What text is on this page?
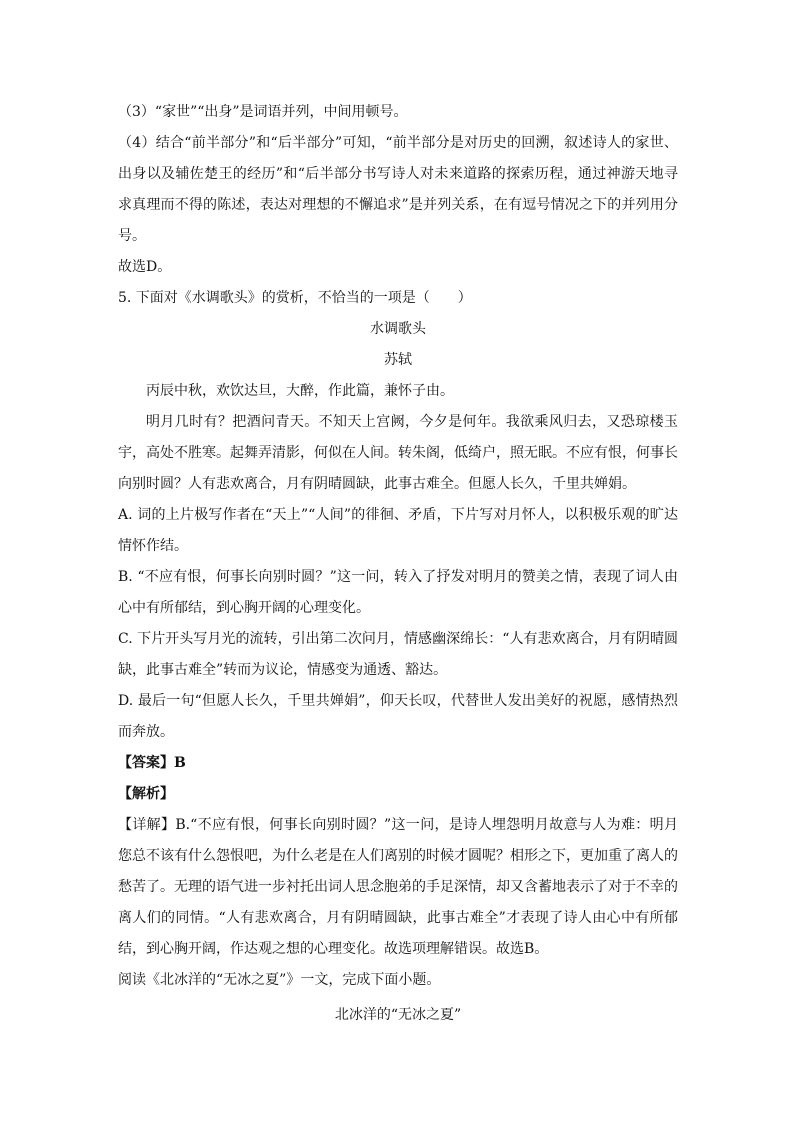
（3）“家世”“出身”是词语并列，中间用顿号。

（4）结合“前半部分”和“后半部分”可知，“前半部分是对历史的回溯，叙述诗人的家世、出身以及辅佐楚王的经历”和“后半部分书写诗人对未来道路的探索历程，通过神游天地寻求真理而不得的陈述，表达对理想的不懈追求”是并列关系，在有逗号情况之下的并列用分号。

故选D。

5. 下面对《水调歌头》的赏析，不恰当的一项是（　　）

水调歌头

苏轼

丙辰中秋，欢饮达旦，大醉，作此篇，兼怀子由。

明月几时有？把酒问青天。不知天上宫阙，今夕是何年。我欲乘风归去，又恐琼楼玉宇，高处不胜寒。起舞弄清影，何似在人间。转朱阁，低绮户，照无眠。不应有恨，何事长向别时圆？人有悲欢离合，月有阴晴圆缺，此事古难全。但愿人长久，千里共婵娟。

A. 词的上片极写作者在“天上”“人间”的徘徊、矛盾，下片写对月怀人，以积极乐观的旷达情怀作结。

B. “不应有恨，何事长向别时圆？”这一问，转入了抒发对明月的赞美之情，表现了词人由心中有所郁结，到心胸开阔的心理变化。

C. 下片开头写月光的流转，引出第二次问月，情感幽深绵长：“人有悲欢离合，月有阴晴圆缺，此事古难全”转而为议论，情感变为通透、豁达。

D. 最后一句“但愿人长久，千里共婵娟”，仰天长叹，代替世人发出美好的祝愿，感情热烈而奔放。

【答案】B

【解析】

【详解】B.“不应有恨，何事长向别时圆？”这一问，是诗人埋怨明月故意与人为难：明月您总不该有什么怨恨吧，为什么老是在人们离别的时候才圆呢？相形之下，更加重了离人的愁苦了。无理的语气进一步衬托出词人思念胞弟的手足深情，却又含蓄地表示了对于不幸的离人们的同情。“人有悲欢离合，月有阴晴圆缺，此事古难全”才表现了诗人由心中有所郁结，到心胸开阔，作达观之想的心理变化。故选项理解错误。故选B。

阅读《北冰洋的“无冰之夏”》一文，完成下面小题。

北冰洋的“无冰之夏”
